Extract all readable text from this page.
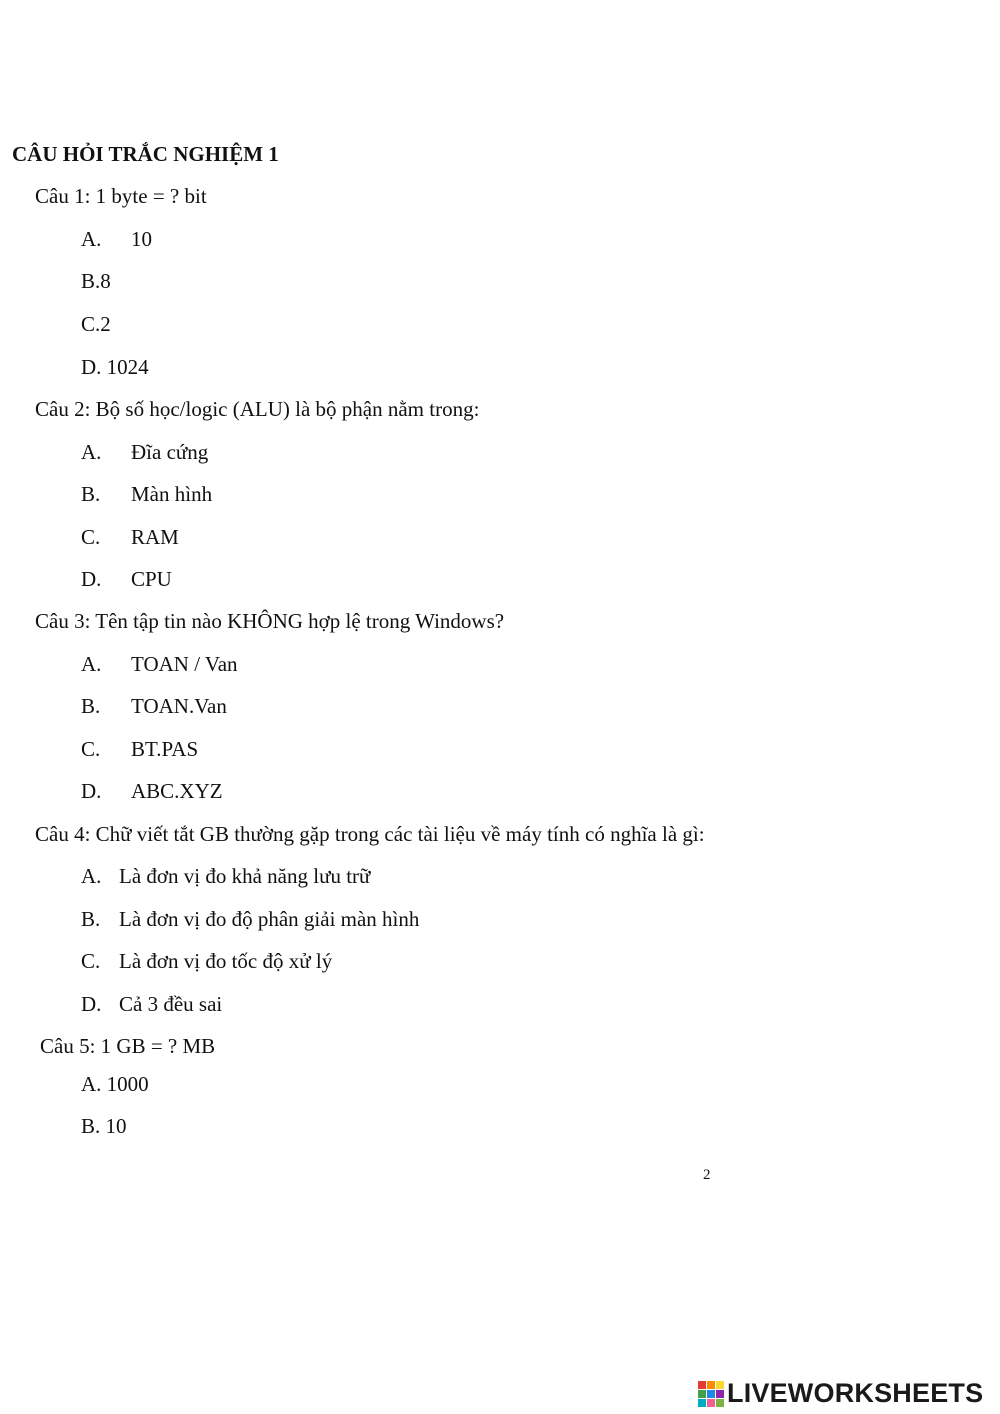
CÂU HỎI TRẮC NGHIỆM 1
Câu 1: 1 byte = ? bit
A. 10
B.8
C.2
D. 1024
Câu 2: Bộ số học/logic (ALU) là bộ phận nằm trong:
A. Đĩa cứng
B. Màn hình
C. RAM
D. CPU
Câu 3: Tên tập tin nào KHÔNG hợp lệ trong Windows?
A. TOAN / Van
B. TOAN.Van
C. BT.PAS
D. ABC.XYZ
Câu 4: Chữ viết tắt GB thường gặp trong các tài liệu về máy tính có nghĩa là gì:
A. Là đơn vị đo khả năng lưu trữ
B. Là đơn vị đo độ phân giải màn hình
C. Là đơn vị đo tốc độ xử lý
D. Cả 3 đều sai
Câu 5: 1 GB = ? MB
A. 1000
B. 10
2
LIVEWORKSHEETS
